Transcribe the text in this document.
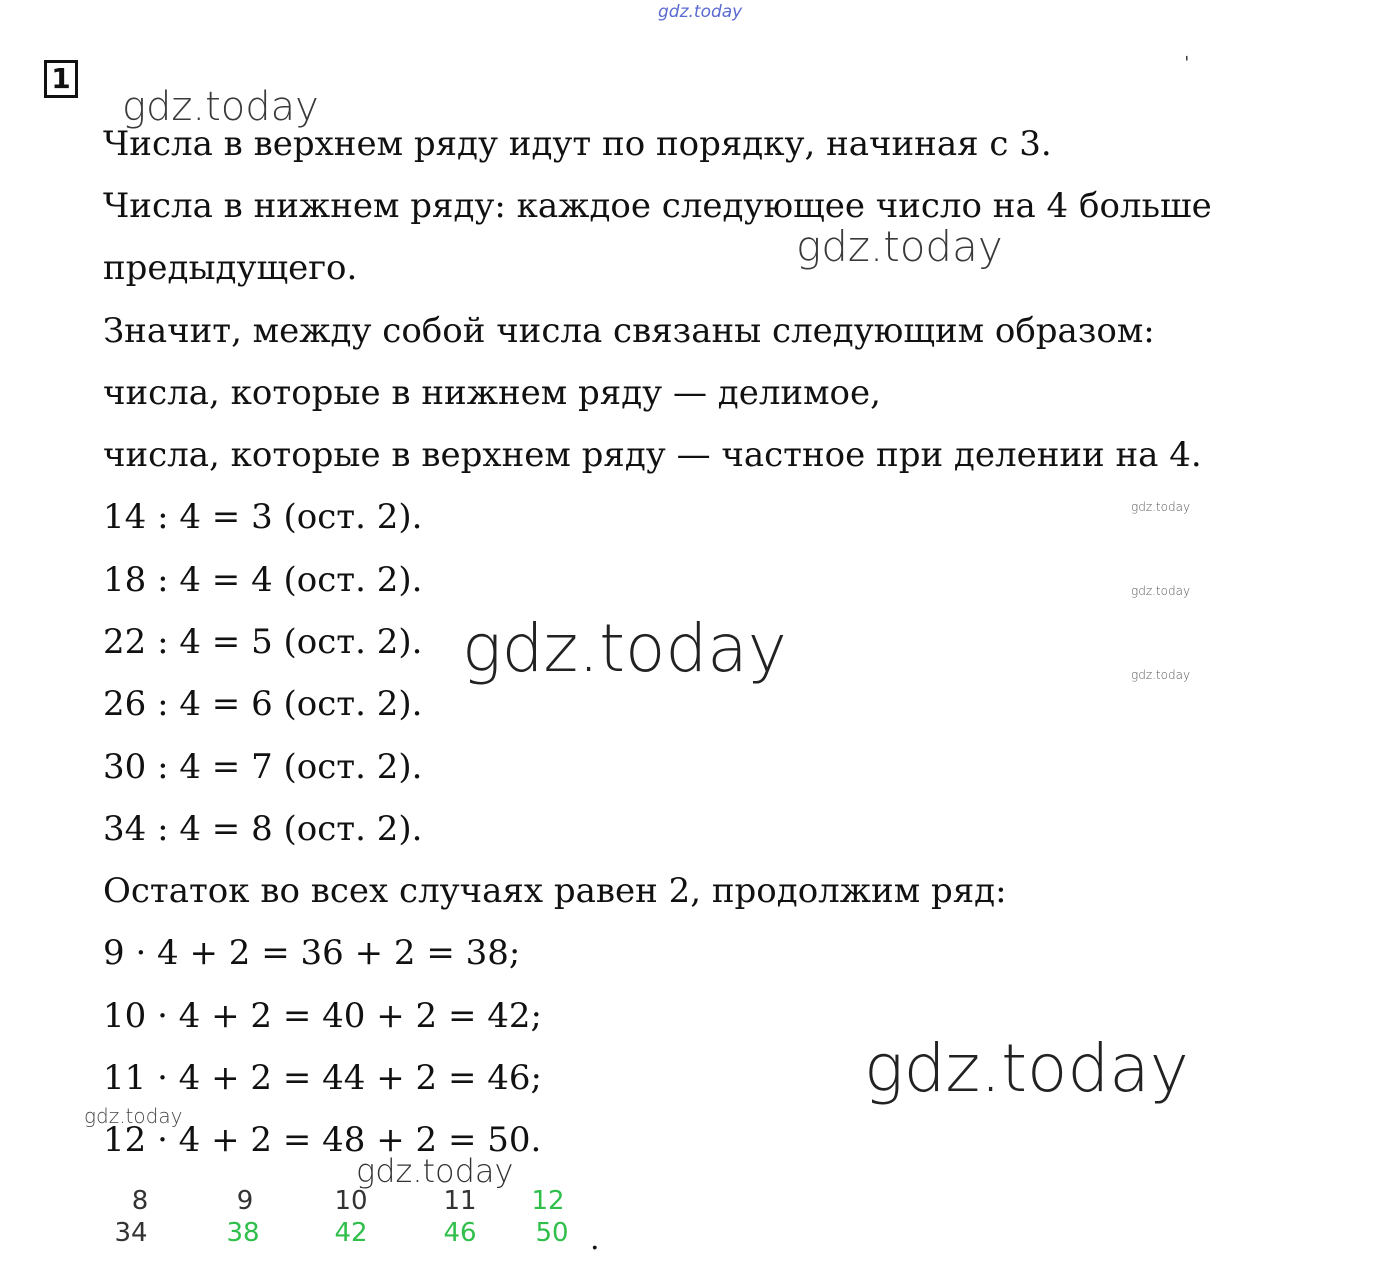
gdz.today
gdz.today
gdz.today
gdz.today
gdz.today
gdz.today
gdz.today
gdz.today
gdz.today
gdz.today
1	ˈ
Числа в верхнем ряду идут по порядку, начиная с 3.
Числа в нижнем ряду: каждое следующее число на 4 больше
предыдущего.
Значит, между собой числа связаны следующим образом:
числа, которые в нижнем ряду — делимое,
числа, которые в верхнем ряду — частное при делении на 4.
14 : 4 = 3 (ост. 2).
18 : 4 = 4 (ост. 2).
22 : 4 = 5 (ост. 2).
26 : 4 = 6 (ост. 2).
30 : 4 = 7 (ост. 2).
34 : 4 = 8 (ост. 2).
Остаток во всех случаях равен 2, продолжим ряд:
9 · 4 + 2 = 36 + 2 = 38;
10 · 4 + 2 = 40 + 2 = 42;
11 · 4 + 2 = 44 + 2 = 46;
12 · 4 + 2 = 48 + 2 = 50.
8	9	10	11 12
34	38	42	46 50 .
